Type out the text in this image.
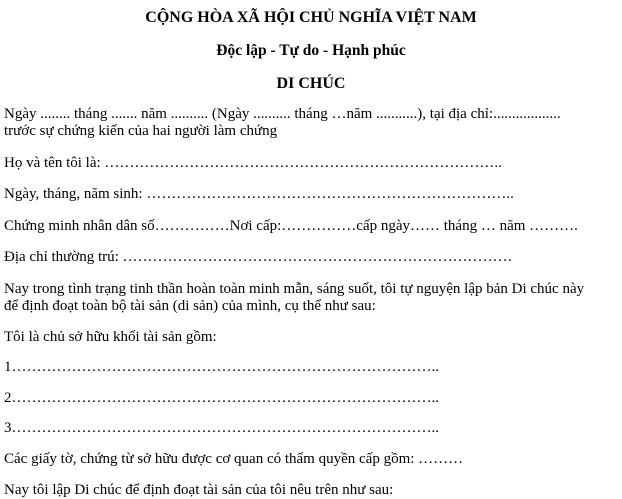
CỘNG HÒA XÃ HỘI CHỦ NGHĨA VIỆT NAM
Độc lập - Tự do - Hạnh phúc
DI CHÚC
Ngày ........ tháng ....... năm .......... (Ngày .......... tháng …năm ...........), tại địa chỉ:..................
trước sự chứng kiến của hai người làm chứng
Họ và tên tôi là: ……………………………………………………………………..
Ngày, tháng, năm sinh: ………………………………………………………………..
Chứng minh nhân dân số……………Nơi cấp:……………cấp ngày…… tháng … năm ……….
Địa chỉ thường trú: ……………………………………………………………………
Nay trong tình trạng tinh thần hoàn toàn minh mẫn, sáng suốt, tôi tự nguyện lập bản Di chúc này
để định đoạt toàn bộ tài sản (di sản) của mình, cụ thể như sau:
Tôi là chủ sở hữu khối tài sản gồm:
1…………………………………………………………………………..
2…………………………………………………………………………..
3…………………………………………………………………………..
Các giấy tờ, chứng từ sở hữu được cơ quan có thẩm quyền cấp gồm: ………
Nay tôi lập Di chúc để định đoạt tài sản của tôi nêu trên như sau:
